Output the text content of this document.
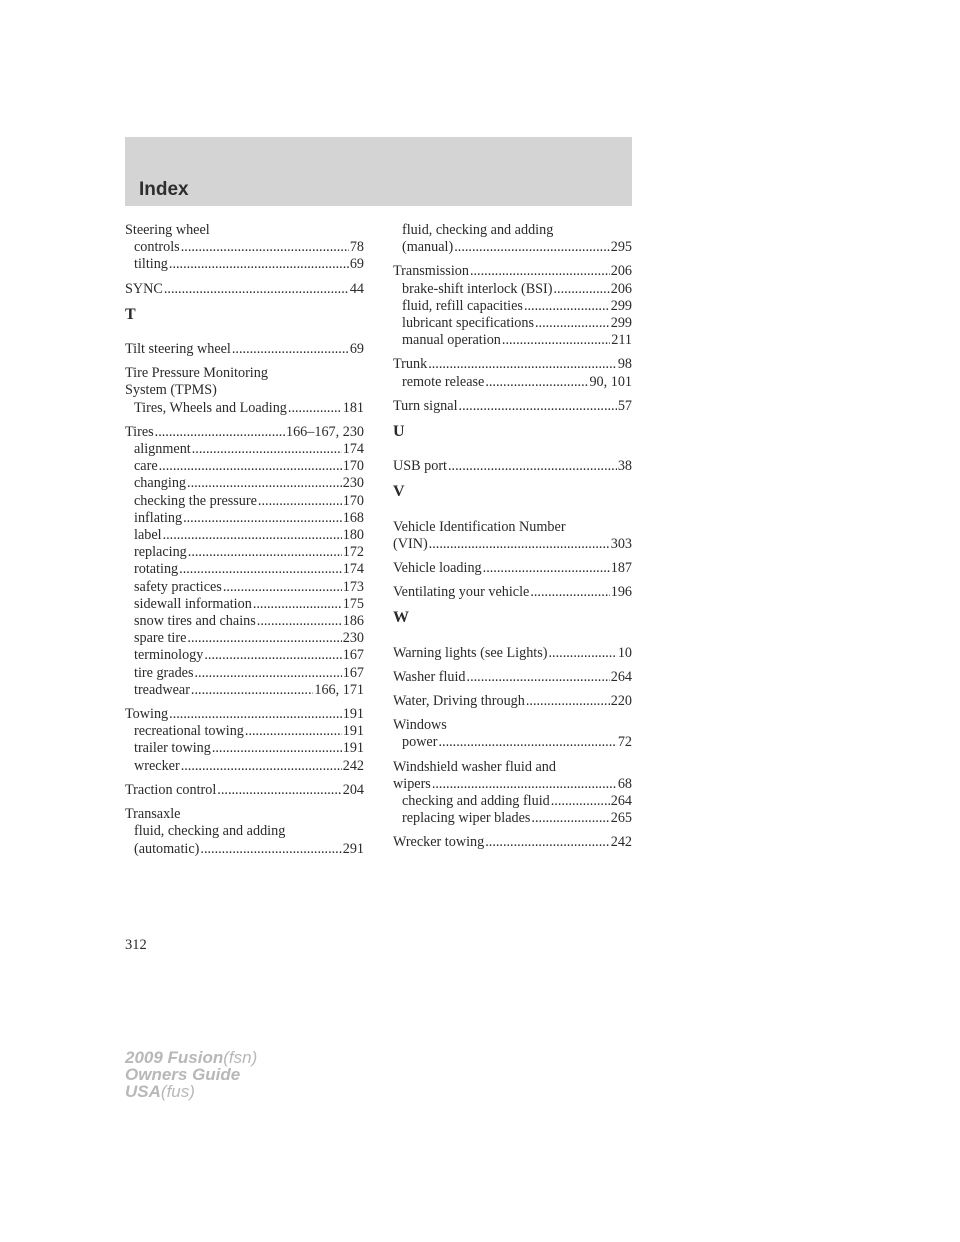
Index
Steering wheel
controls .....	78
tilting .....	69
SYNC .....	44
T
Tilt steering wheel .....	69
Tire Pressure Monitoring
System (TPMS)
Tires, Wheels and Loading .....	181
Tires .....	166–167, 230
alignment .....	174
care .....	170
changing .....	230
checking the pressure .....	170
inflating .....	168
label .....	180
replacing .....	172
rotating .....	174
safety practices .....	173
sidewall information .....	175
snow tires and chains .....	186
spare tire .....	230
terminology .....	167
tire grades .....	167
treadwear .....	166, 171
Towing .....	191
recreational towing .....	191
trailer towing .....	191
wrecker .....	242
Traction control .....	204
Transaxle
fluid, checking and adding
(automatic) .....	291
fluid, checking and adding
(manual) .....	295
Transmission .....	206
brake-shift interlock (BSI) .....	206
fluid, refill capacities .....	299
lubricant specifications .....	299
manual operation .....	211
Trunk .....	98
remote release .....	90, 101
Turn signal .....	57
U
USB port .....	38
V
Vehicle Identification Number
(VIN) .....	303
Vehicle loading .....	187
Ventilating your vehicle .....	196
W
Warning lights (see Lights) .....	10
Washer fluid .....	264
Water, Driving through .....	220
Windows
power .....	72
Windshield washer fluid and
wipers .....	68
checking and adding fluid .....	264
replacing wiper blades .....	265
Wrecker towing .....	242
312
2009 Fusion(fsn)
Owners Guide
USA(fus)
